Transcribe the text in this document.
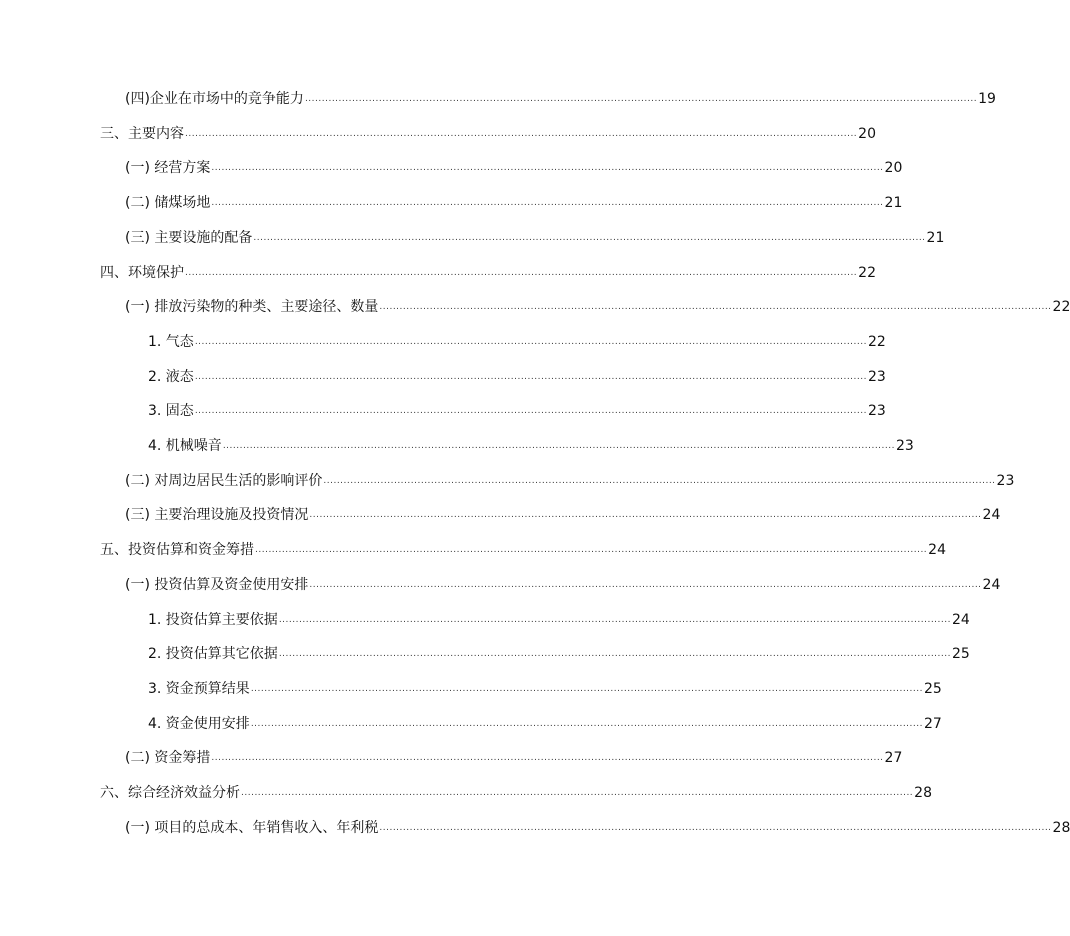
(四)企业在市场中的竞争能力 ........................................................................................................................................................................................................ 19
三、主要内容 ........................................................................................................................................................................................................ 20
(一) 经营方案 ........................................................................................................................................................................................................ 20
(二) 储煤场地 ........................................................................................................................................................................................................ 21
(三) 主要设施的配备 ........................................................................................................................................................................................................ 21
四、环境保护 ........................................................................................................................................................................................................ 22
(一) 排放污染物的种类、主要途径、数量 ........................................................................................................................................................................................................ 22
1. 气态 ........................................................................................................................................................................................................ 22
2. 液态 ........................................................................................................................................................................................................ 23
3. 固态 ........................................................................................................................................................................................................ 23
4. 机械噪音 ........................................................................................................................................................................................................ 23
(二) 对周边居民生活的影响评价 ........................................................................................................................................................................................................ 23
(三) 主要治理设施及投资情况 ........................................................................................................................................................................................................ 24
五、投资估算和资金筹措 ........................................................................................................................................................................................................ 24
(一) 投资估算及资金使用安排 ........................................................................................................................................................................................................ 24
1. 投资估算主要依据 ........................................................................................................................................................................................................ 24
2. 投资估算其它依据 ........................................................................................................................................................................................................ 25
3. 资金预算结果 ........................................................................................................................................................................................................ 25
4. 资金使用安排 ........................................................................................................................................................................................................ 27
(二) 资金筹措 ........................................................................................................................................................................................................ 27
六、综合经济效益分析 ........................................................................................................................................................................................................ 28
(一) 项目的总成本、年销售收入、年利税 ........................................................................................................................................................................................................ 28
